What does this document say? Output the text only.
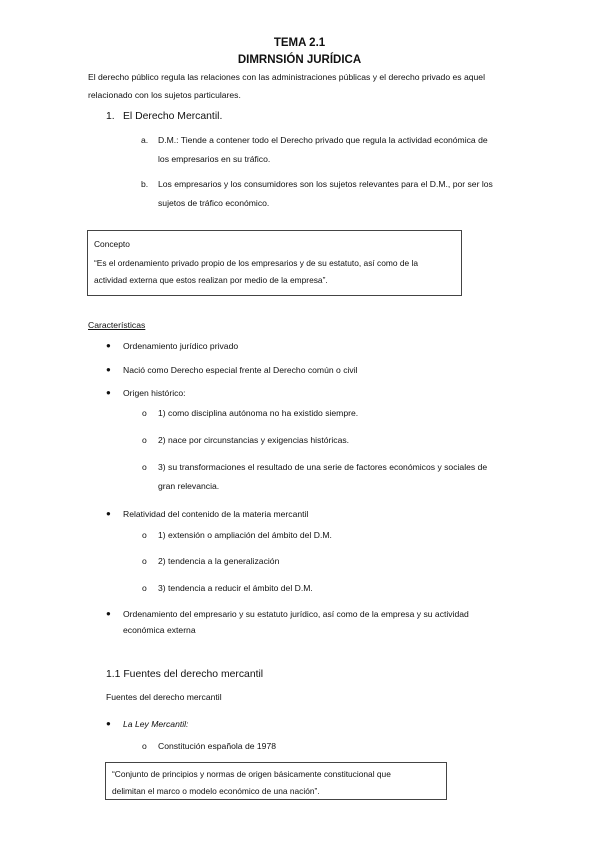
TEMA 2.1
DIMRNSIÓN JURÍDICA
El derecho público regula las relaciones con las administraciones públicas y el derecho privado es aquel
relacionado con los sujetos particulares.
1. El Derecho Mercantil.
a. D.M.: Tiende a contener todo el Derecho privado que regula la actividad económica de
los empresarios en su tráfico.
b. Los empresarios y los consumidores son los sujetos relevantes para el D.M., por ser los
sujetos de tráfico económico.
Concepto
“Es el ordenamiento privado propio de los empresarios y de su estatuto, así como de la
actividad externa que estos realizan por medio de la empresa”.
Características
● Ordenamiento jurídico privado
● Nació como Derecho especial frente al Derecho común o civil
● Origen histórico:
o 1) como disciplina autónoma no ha existido siempre.
o 2) nace por circunstancias y exigencias históricas.
o 3) su transformaciones el resultado de una serie de factores económicos y sociales de
gran relevancia.
● Relatividad del contenido de la materia mercantil
o 1) extensión o ampliación del ámbito del D.M.
o 2) tendencia a la generalización
o 3) tendencia a reducir el ámbito del D.M.
● Ordenamiento del empresario y su estatuto jurídico, así como de la empresa y su actividad
económica externa
1.1 Fuentes del derecho mercantil
Fuentes del derecho mercantil
● La Ley Mercantil:
o Constitución española de 1978
“Conjunto de principios y normas de origen básicamente constitucional que
delimitan el marco o modelo económico de una nación”.
